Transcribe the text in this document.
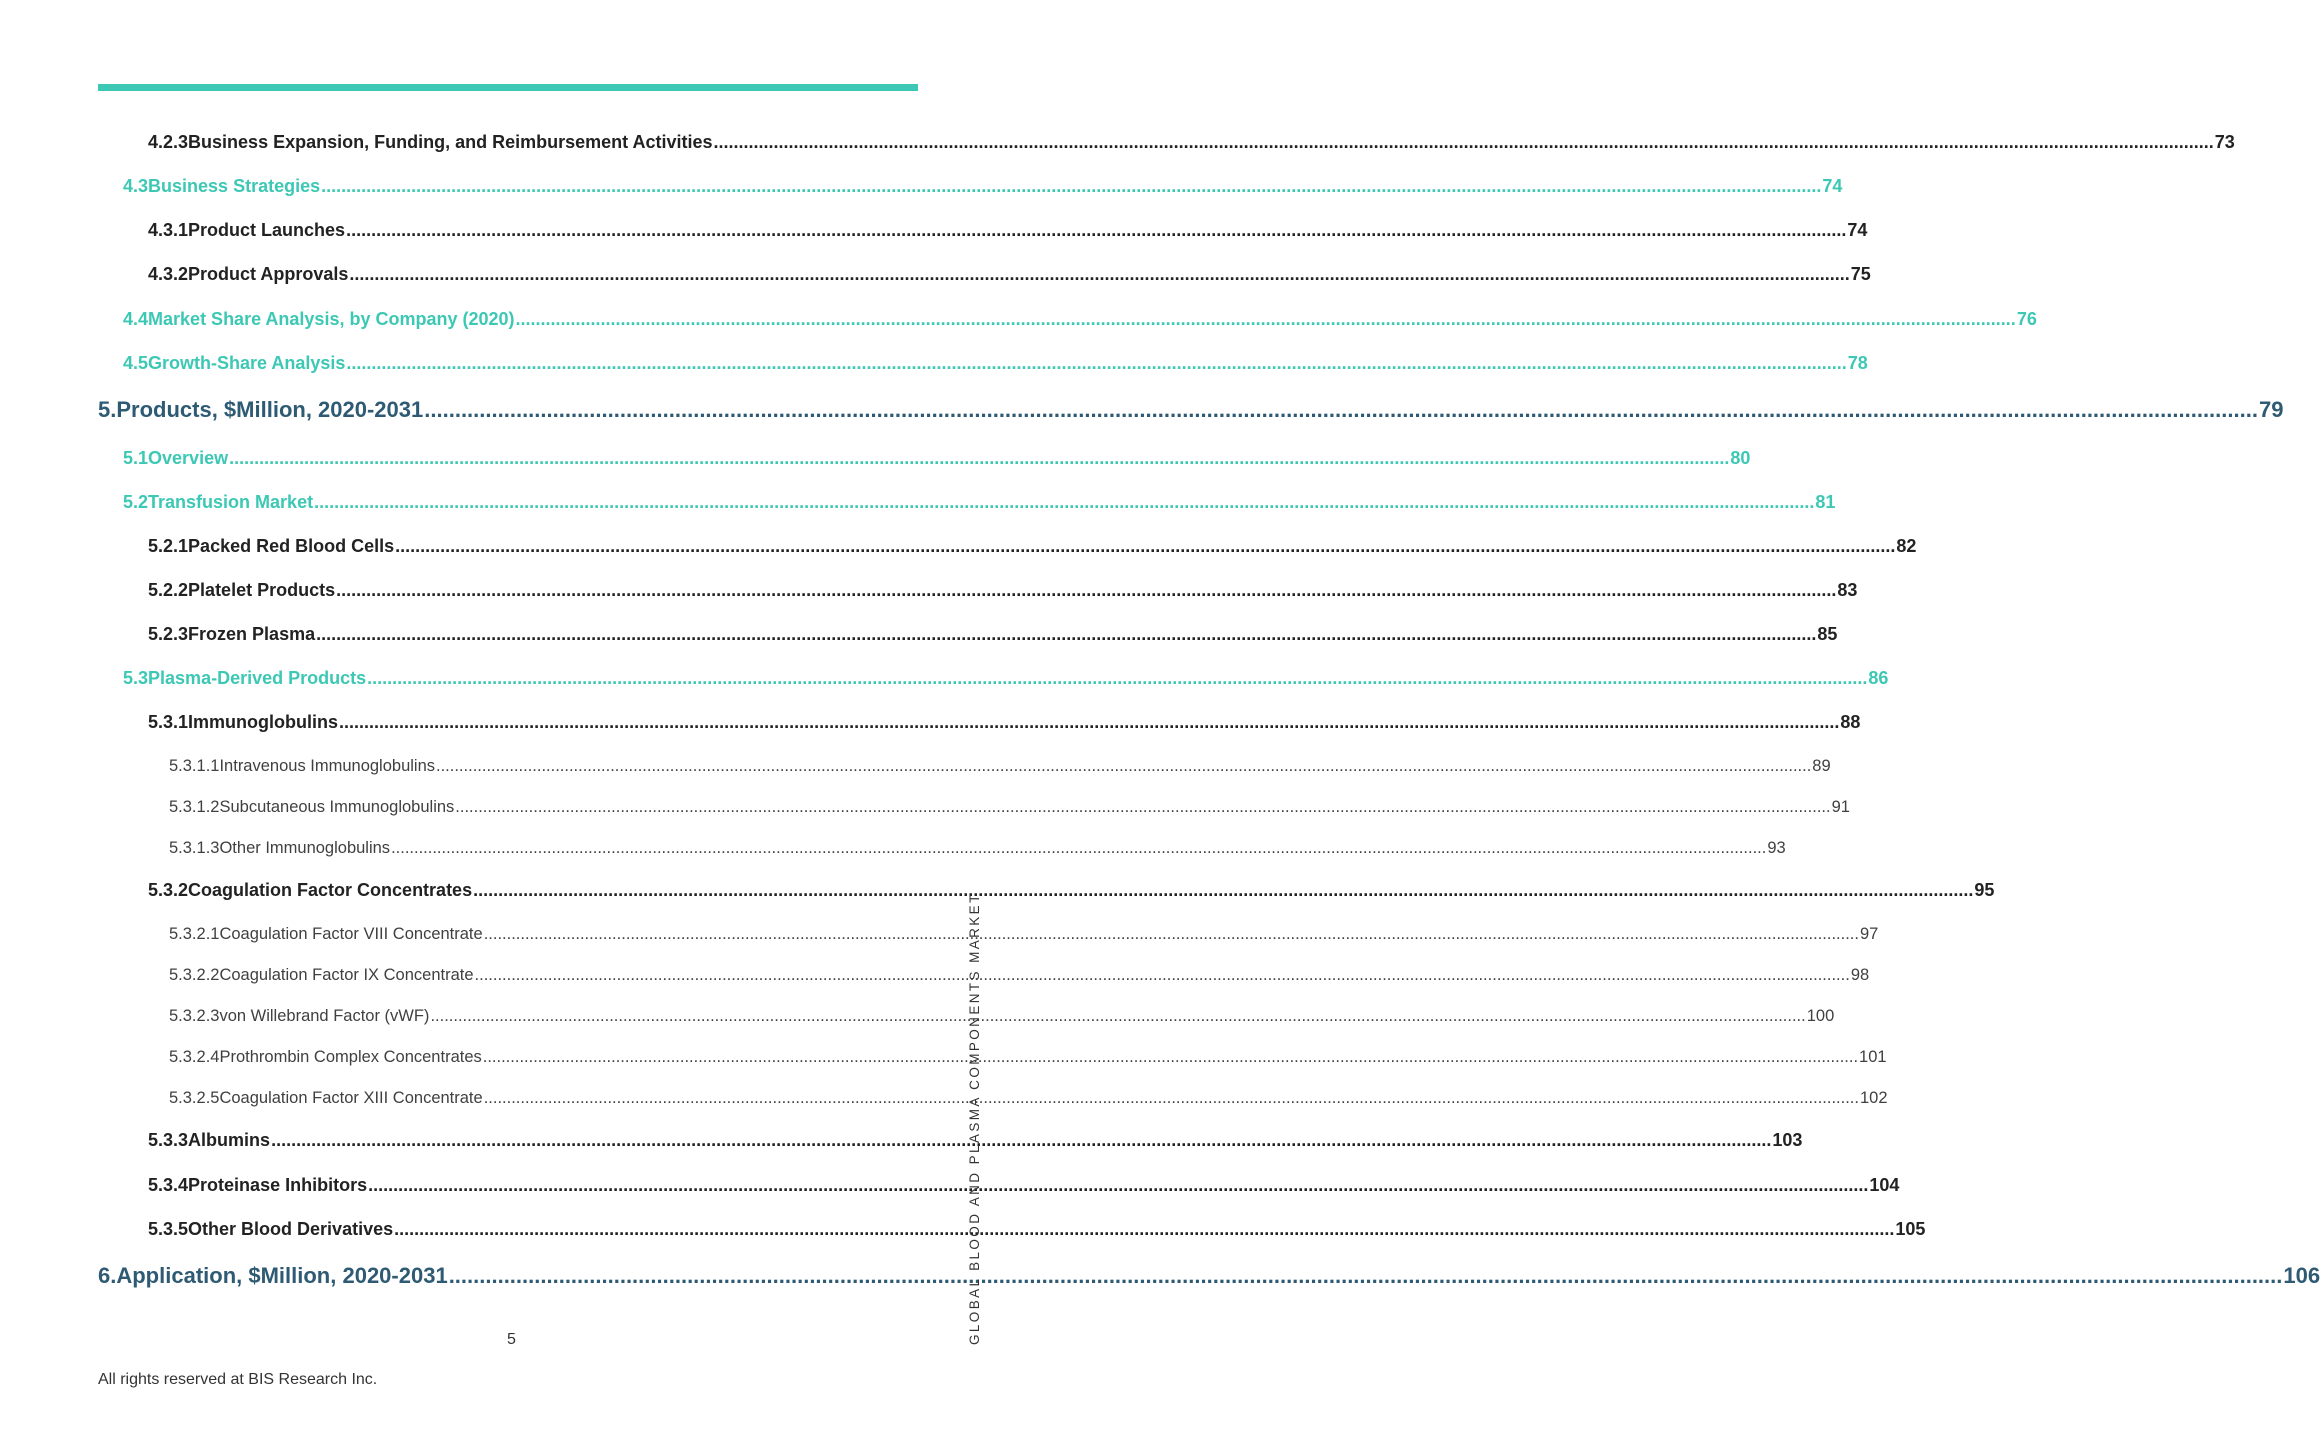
4.2.3 Business Expansion, Funding, and Reimbursement Activities ............................................................................................................................................................................................................................................................................................................ 73
4.3 Business Strategies ............................................................................................................................................................................................................................................................................................................ 74
4.3.1 Product Launches ............................................................................................................................................................................................................................................................................................................ 74
4.3.2 Product Approvals ............................................................................................................................................................................................................................................................................................................ 75
4.4 Market Share Analysis, by Company (2020) ............................................................................................................................................................................................................................................................................................................ 76
4.5 Growth-Share Analysis ............................................................................................................................................................................................................................................................................................................ 78
5. Products, $Million, 2020-2031 ............................................................................................................................................................................................................................................................................................................ 79
5.1 Overview ............................................................................................................................................................................................................................................................................................................ 80
5.2 Transfusion Market ............................................................................................................................................................................................................................................................................................................ 81
5.2.1 Packed Red Blood Cells ............................................................................................................................................................................................................................................................................................................ 82
5.2.2 Platelet Products ............................................................................................................................................................................................................................................................................................................ 83
5.2.3 Frozen Plasma ............................................................................................................................................................................................................................................................................................................ 85
5.3 Plasma-Derived Products ............................................................................................................................................................................................................................................................................................................ 86
5.3.1 Immunoglobulins ............................................................................................................................................................................................................................................................................................................ 88
5.3.1.1 Intravenous Immunoglobulins ............................................................................................................................................................................................................................................................................................................ 89
5.3.1.2 Subcutaneous Immunoglobulins ............................................................................................................................................................................................................................................................................................................ 91
5.3.1.3 Other Immunoglobulins ............................................................................................................................................................................................................................................................................................................ 93
5.3.2 Coagulation Factor Concentrates ............................................................................................................................................................................................................................................................................................................ 95
5.3.2.1 Coagulation Factor VIII Concentrate ............................................................................................................................................................................................................................................................................................................ 97
5.3.2.2 Coagulation Factor IX Concentrate ............................................................................................................................................................................................................................................................................................................ 98
5.3.2.3 von Willebrand Factor (vWF) ............................................................................................................................................................................................................................................................................................................ 100
5.3.2.4 Prothrombin Complex Concentrates ............................................................................................................................................................................................................................................................................................................ 101
5.3.2.5 Coagulation Factor XIII Concentrate ............................................................................................................................................................................................................................................................................................................ 102
5.3.3 Albumins ............................................................................................................................................................................................................................................................................................................ 103
5.3.4 Proteinase Inhibitors ............................................................................................................................................................................................................................................................................................................ 104
5.3.5 Other Blood Derivatives ............................................................................................................................................................................................................................................................................................................ 105
6. Application, $Million, 2020-2031 ............................................................................................................................................................................................................................................................................................................ 106
5
All rights reserved at BIS Research Inc.
GLOBAL BLOOD AND PLASMA COMPONENTS MARKET
